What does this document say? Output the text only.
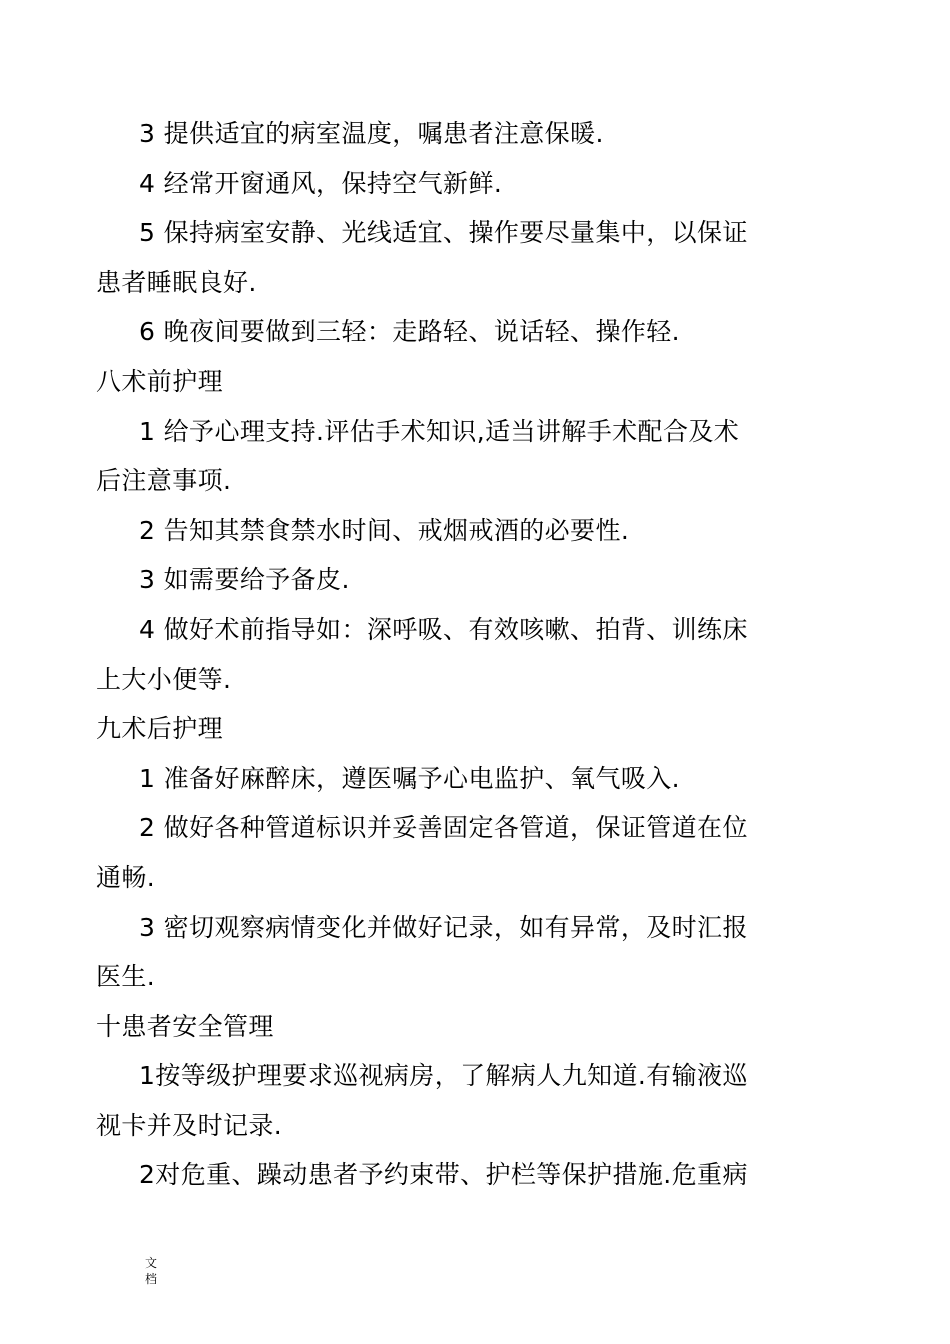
3 提供适宜的病室温度，嘱患者注意保暖.
4 经常开窗通风，保持空气新鲜.
5 保持病室安静、光线适宜、操作要尽量集中，以保证
患者睡眠良好.
6 晚夜间要做到三轻：走路轻、说话轻、操作轻.
八术前护理
1 给予心理支持.评估手术知识,适当讲解手术配合及术
后注意事项.
2 告知其禁食禁水时间、戒烟戒酒的必要性.
3 如需要给予备皮.
4 做好术前指导如：深呼吸、有效咳嗽、拍背、训练床
上大小便等.
九术后护理
1 准备好麻醉床，遵医嘱予心电监护、氧气吸入.
2 做好各种管道标识并妥善固定各管道，保证管道在位
通畅.
3 密切观察病情变化并做好记录，如有异常，及时汇报
医生.
十患者安全管理
1按等级护理要求巡视病房，了解病人九知道.有输液巡
视卡并及时记录.
2对危重、躁动患者予约束带、护栏等保护措施.危重病
文档
